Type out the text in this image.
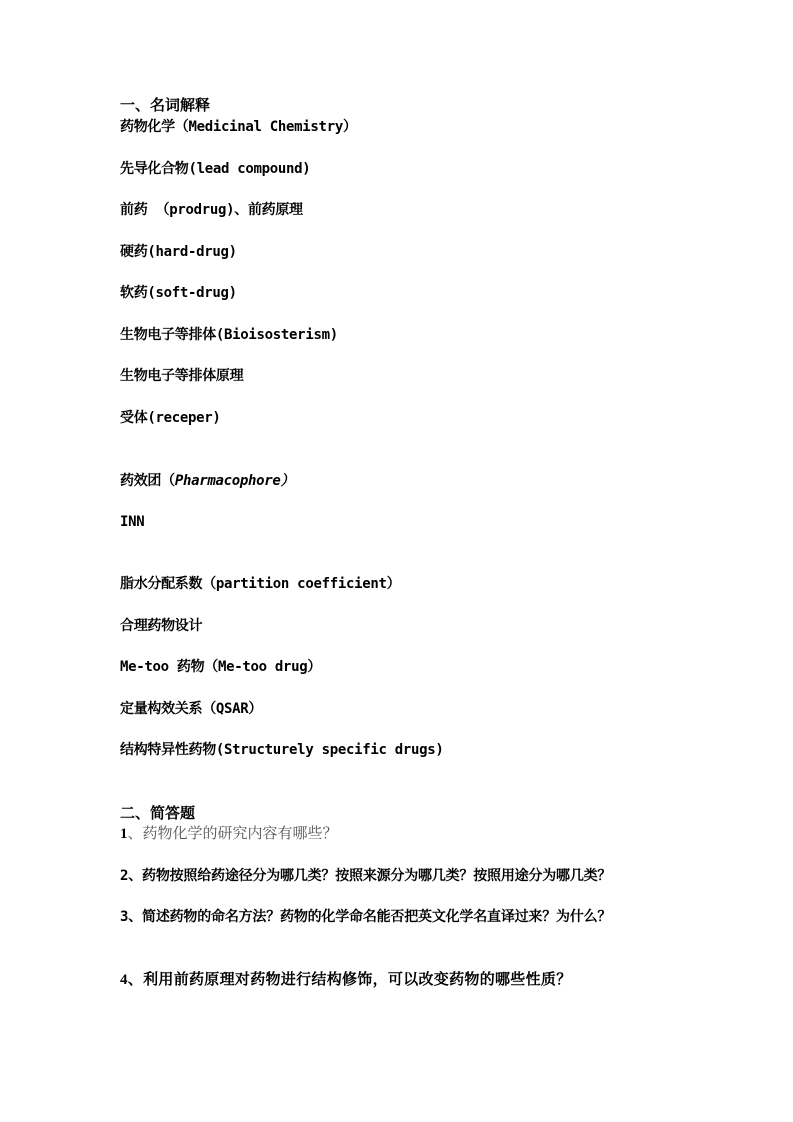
一、名词解释
药物化学（Medicinal Chemistry）
先导化合物(lead compound)
前药 （prodrug)、前药原理
硬药(hard-drug)
软药(soft-drug)
生物电子等排体(Bioisosterism)
生物电子等排体原理
受体(receper)
药效团（Pharmacophore）
INN
脂水分配系数（partition coefficient）
合理药物设计
Me-too 药物（Me-too drug）
定量构效关系（QSAR）
结构特异性药物(Structurely specific drugs)
二、简答题
1、药物化学的研究内容有哪些？
2、药物按照给药途径分为哪几类？按照来源分为哪几类？按照用途分为哪几类？
3、简述药物的命名方法？药物的化学命名能否把英文化学名直译过来？为什么？
4、利用前药原理对药物进行结构修饰，可以改变药物的哪些性质？
